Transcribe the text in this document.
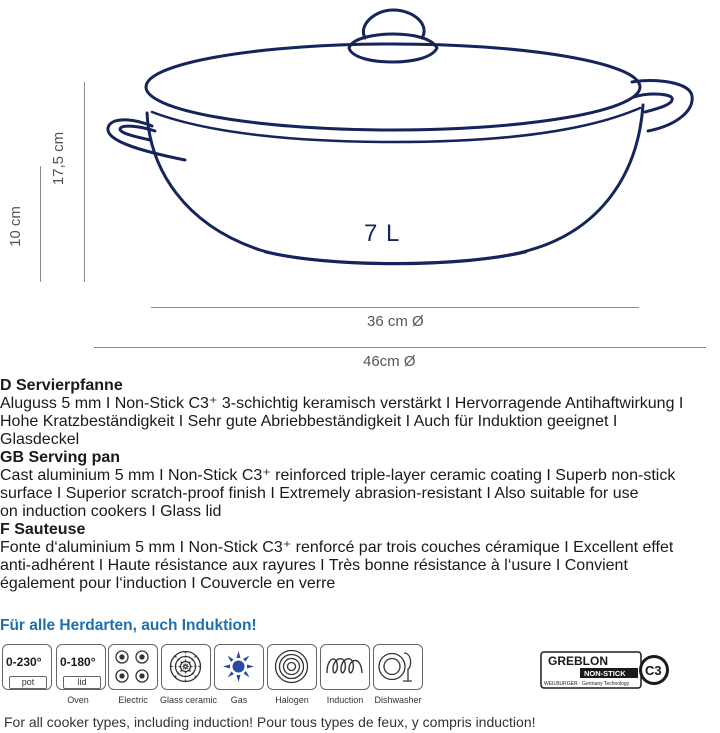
7 L
17,5 cm
10 cm
36 cm Ø
46cm Ø
D Servierpfanne
Aluguss 5 mm I Non-Stick C3⁺ 3-schichtig keramisch verstärkt I Hervorragende Antihaftwirkung I
Hohe Kratzbeständigkeit I Sehr gute Abriebbeständigkeit I Auch für Induktion geeignet I
Glasdeckel
GB Serving pan
Cast aluminium 5 mm I Non-Stick C3⁺ reinforced triple-layer ceramic coating I Superb non-stick
surface I Superior scratch-proof finish I Extremely abrasion-resistant I Also suitable for use
on induction cookers I Glass lid
F Sauteuse
Fonte d‘aluminium 5 mm I Non-Stick C3⁺ renforcé par trois couches céramique I Excellent effet
anti-adhérent I Haute résistance aux rayures I Très bonne résistance à l‘usure I Convient
également pour l‘induction I Couvercle en verre
Für alle Herdarten, auch Induktion!
0-230°
pot
0-180°
lid
Oven	Electric	Glass ceramic	Gas	Halogen	Induction	Dishwasher
GREBLON
NON-STICK
WEILBURGER · Germany Technology
C3
For all cooker types, including induction! Pour tous types de feux, y compris induction!
